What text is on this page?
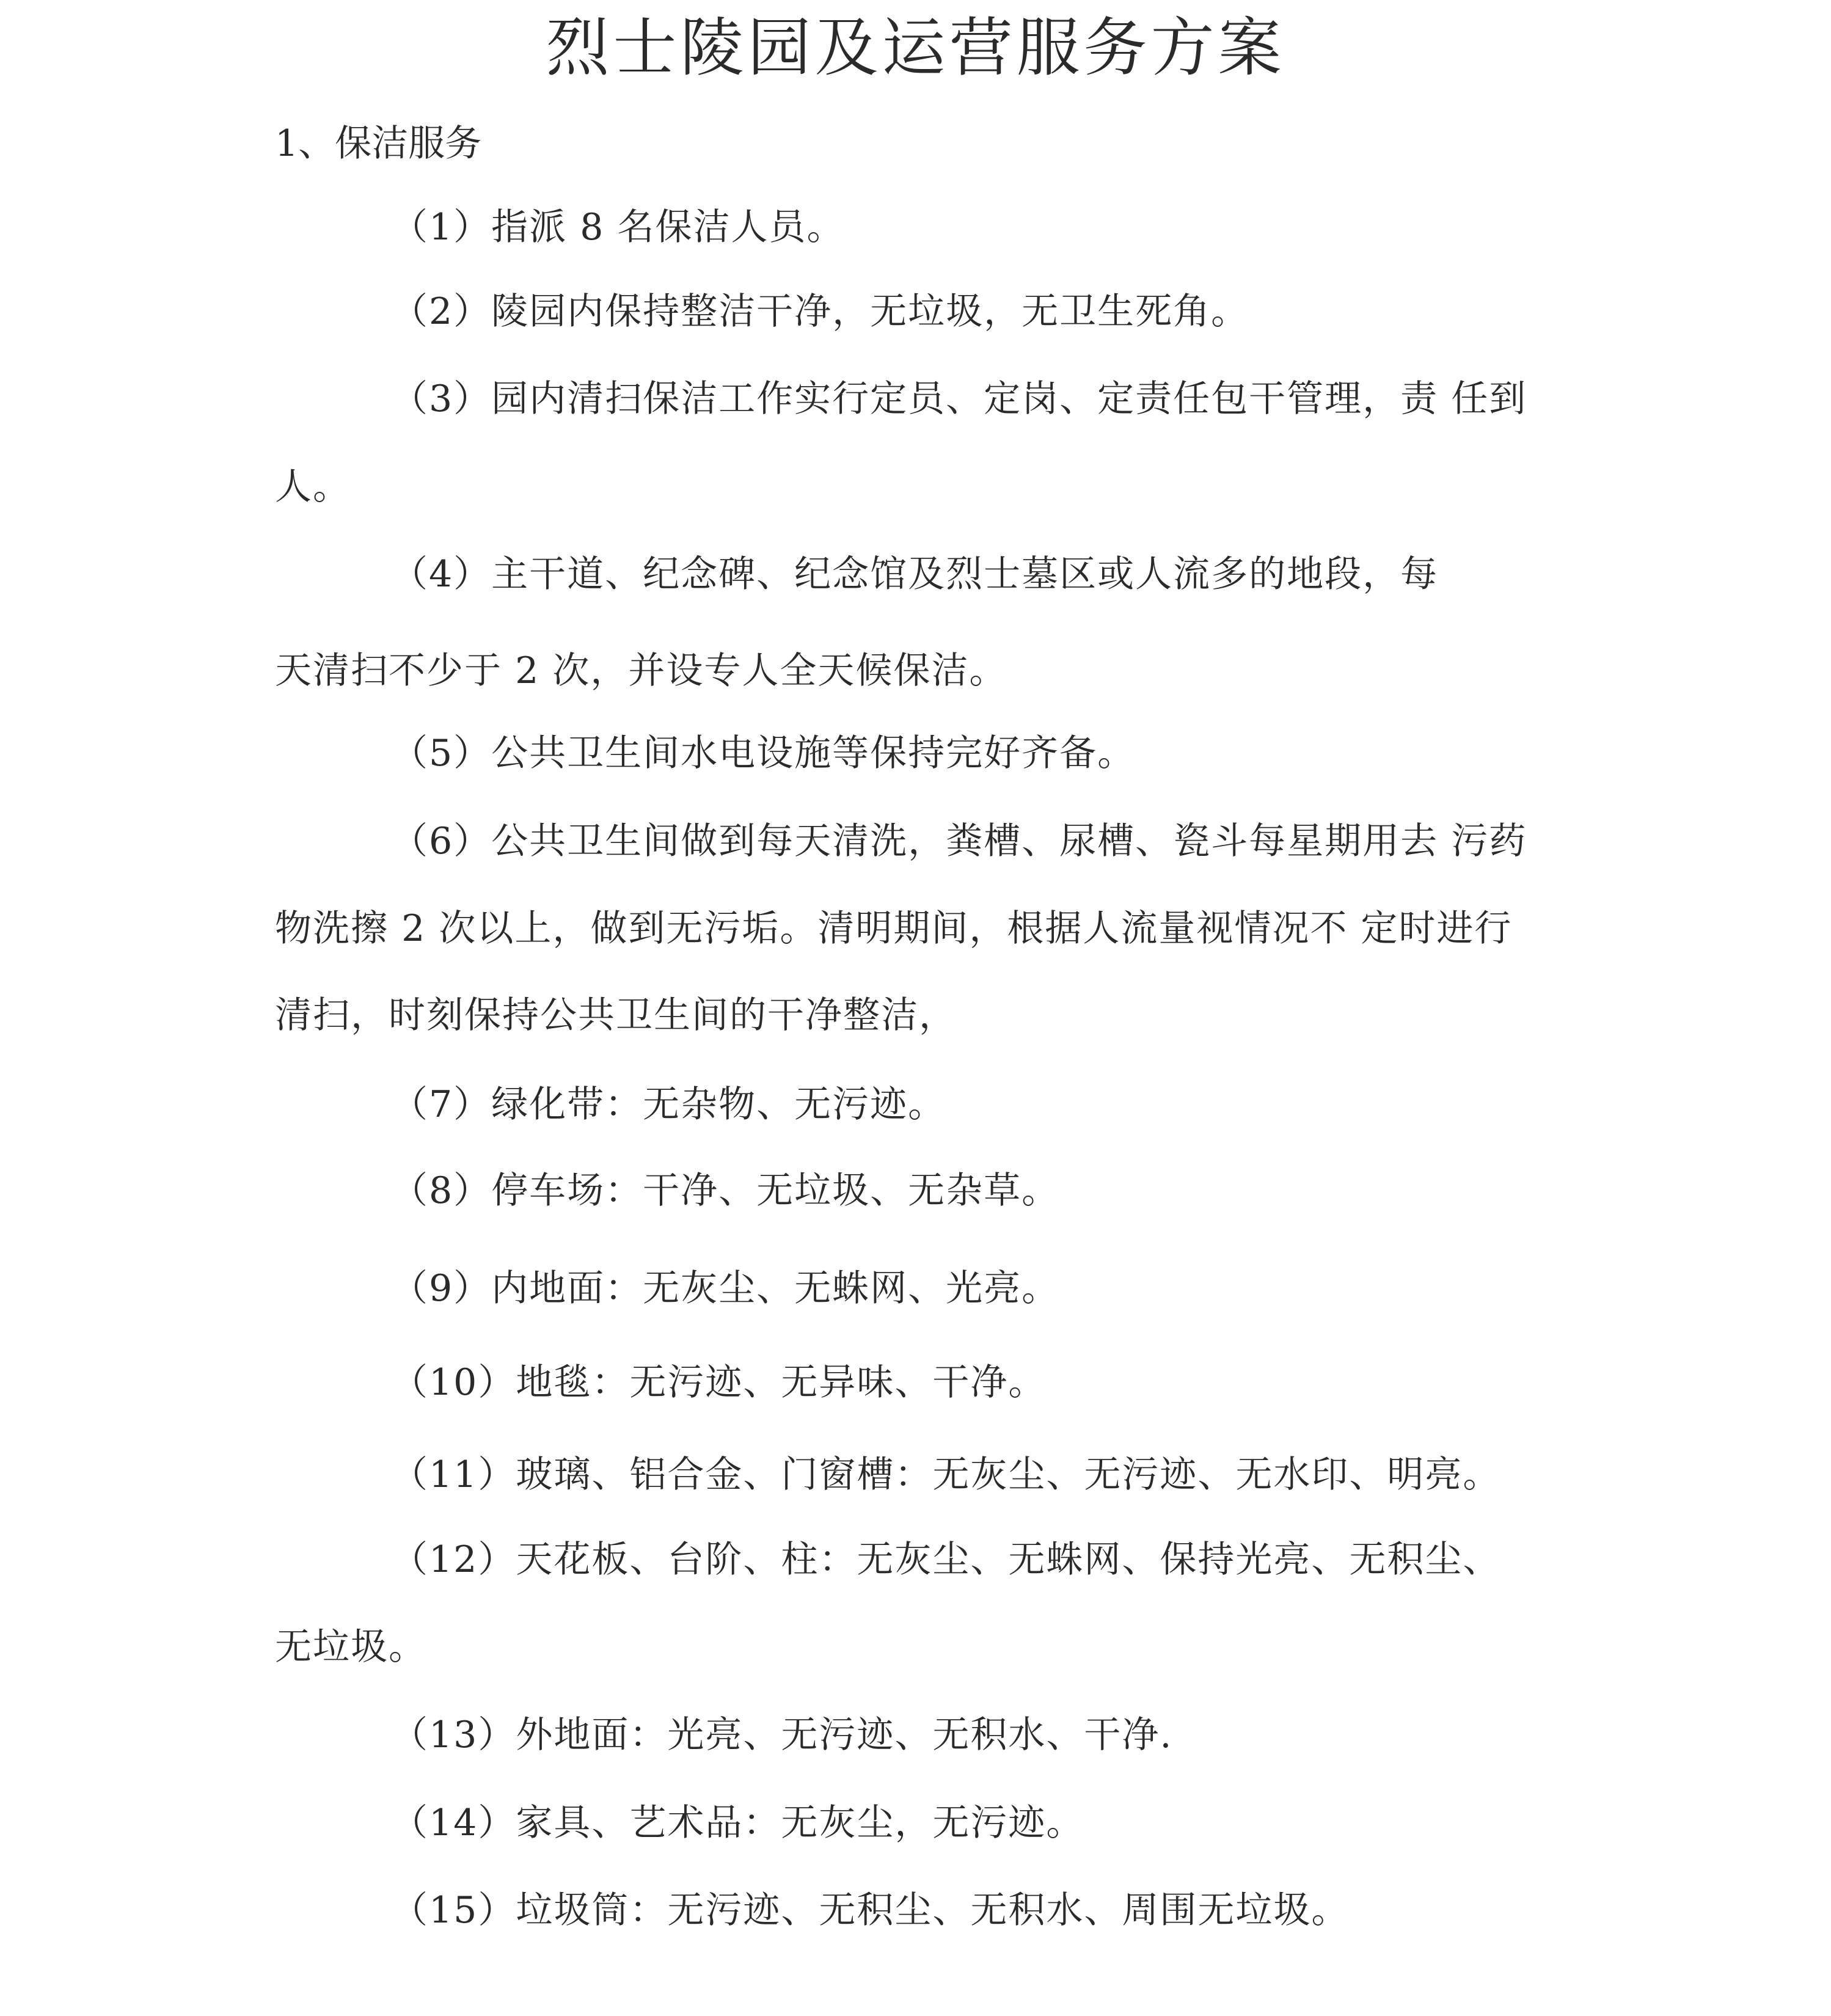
烈士陵园及运营服务方案
1、保洁服务

（1）指派 8 名保洁人员。

（2）陵园内保持整洁干净，无垃圾，无卫生死角。

（3）园内清扫保洁工作实行定员、定岗、定责任包干管理，责 任到

人。

（4）主干道、纪念碑、纪念馆及烈士墓区或人流多的地段，每

天清扫不少于 2 次，并设专人全天候保洁。

（5）公共卫生间水电设施等保持完好齐备。

（6）公共卫生间做到每天清洗，粪槽、尿槽、瓷斗每星期用去 污药

物洗擦 2 次以上，做到无污垢。清明期间，根据人流量视情况不 定时进行

清扫，时刻保持公共卫生间的干净整洁，

（7）绿化带：无杂物、无污迹。

（8）停车场：干净、无垃圾、无杂草。

（9）内地面：无灰尘、无蛛网、光亮。

（10）地毯：无污迹、无异味、干净。

（11）玻璃、铝合金、门窗槽：无灰尘、无污迹、无水印、明亮。

（12）天花板、台阶、柱：无灰尘、无蛛网、保持光亮、无积尘、

无垃圾。

（13）外地面：光亮、无污迹、无积水、干净.

（14）家具、艺术品：无灰尘，无污迹。

（15）垃圾筒：无污迹、无积尘、无积水、周围无垃圾。
